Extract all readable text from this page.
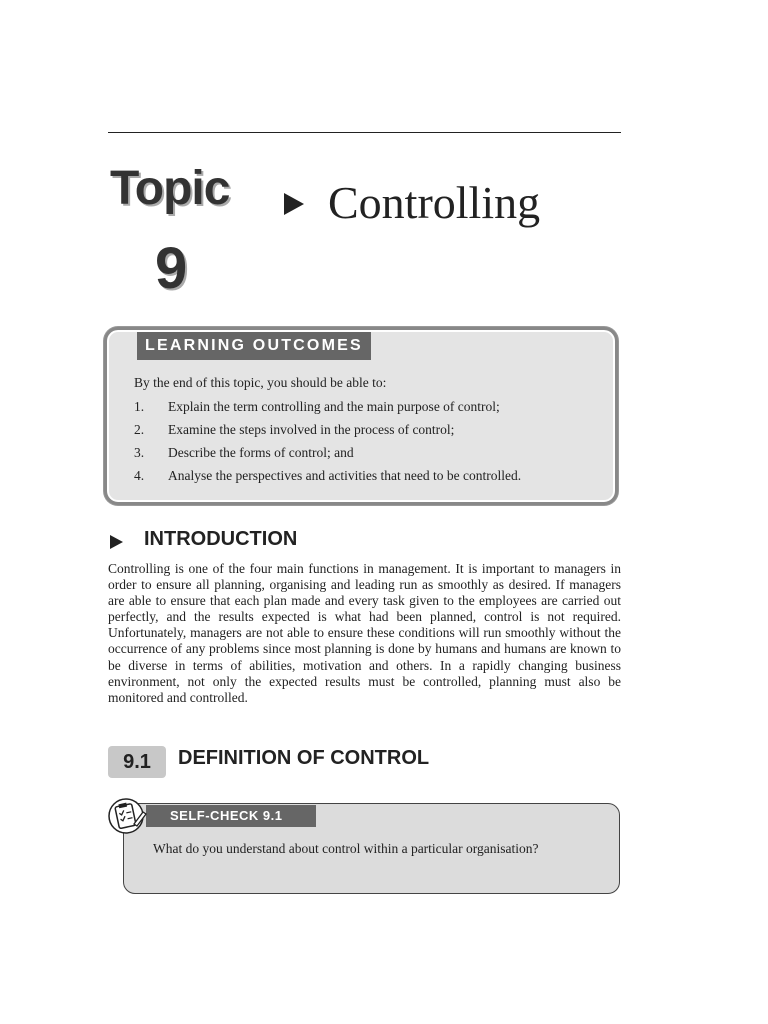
Topic
9
Controlling
LEARNING OUTCOMES
By the end of this topic, you should be able to:
1.	Explain the term controlling and the main purpose of control;
2.	Examine the steps involved in the process of control;
3.	Describe the forms of control; and
4.	Analyse the perspectives and activities that need to be controlled.
INTRODUCTION

Controlling is one of the four main functions in management. It is important to managers in order to ensure all planning, organising and leading run as smoothly as desired. If managers are able to ensure that each plan made and every task given to the employees are carried out perfectly, and the results expected is what had been planned, control is not required. Unfortunately, managers are not able to ensure these conditions will run smoothly without the occurrence of any problems since most planning is done by humans and humans are known to be diverse in terms of abilities, motivation and others. In a rapidly changing business environment, not only the expected results must be controlled, planning must also be monitored and controlled.

9.1	DEFINITION OF CONTROL
SELF-CHECK 9.1

What do you understand about control within a particular organisation?
